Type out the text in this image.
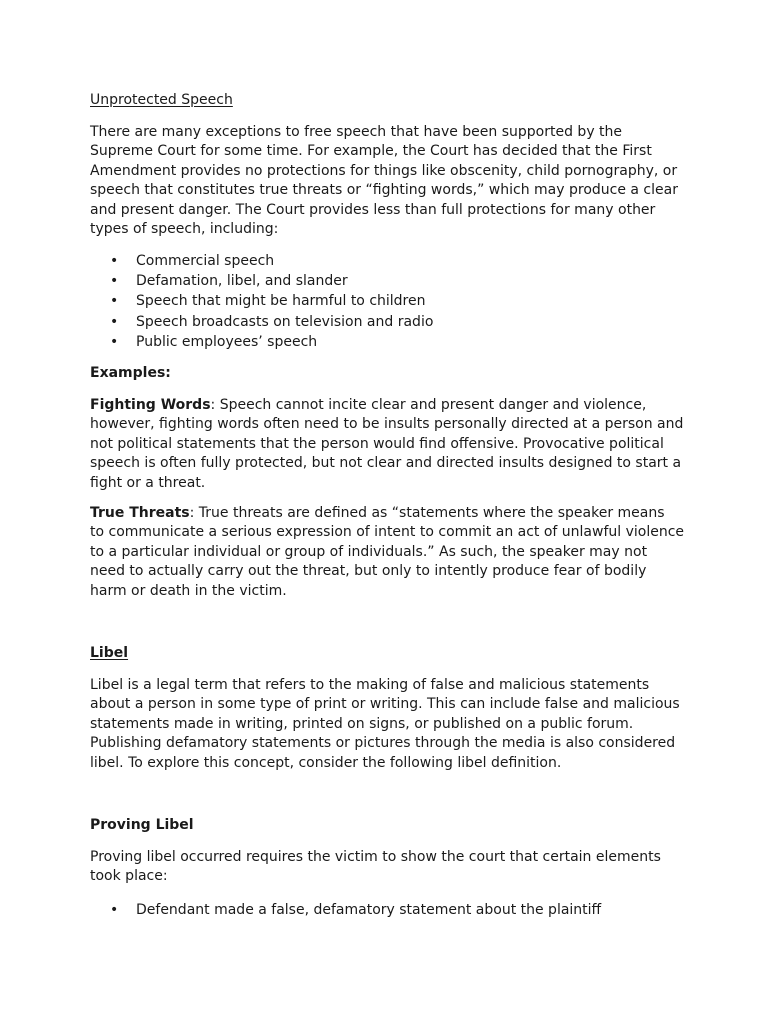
Unprotected Speech

There are many exceptions to free speech that have been supported by the

Supreme Court for some time. For example, the Court has decided that the First

Amendment provides no protections for things like obscenity, child pornography, or

speech that constitutes true threats or “fighting words,” which may produce a clear

and present danger. The Court provides less than full protections for many other

types of speech, including:

• Commercial speech
• Defamation, libel, and slander
• Speech that might be harmful to children
• Speech broadcasts on television and radio
• Public employees’ speech
Examples:

Fighting Words: Speech cannot incite clear and present danger and violence,

however, fighting words often need to be insults personally directed at a person and

not political statements that the person would find offensive. Provocative political

speech is often fully protected, but not clear and directed insults designed to start a

fight or a threat.

True Threats: True threats are defined as “statements where the speaker means

to communicate a serious expression of intent to commit an act of unlawful violence

to a particular individual or group of individuals.” As such, the speaker may not

need to actually carry out the threat, but only to intently produce fear of bodily

harm or death in the victim.

Libel

Libel is a legal term that refers to the making of false and malicious statements

about a person in some type of print or writing. This can include false and malicious

statements made in writing, printed on signs, or published on a public forum.

Publishing defamatory statements or pictures through the media is also considered

libel. To explore this concept, consider the following libel definition.

Proving Libel

Proving libel occurred requires the victim to show the court that certain elements

took place:

• Defendant made a false, defamatory statement about the plaintiff
